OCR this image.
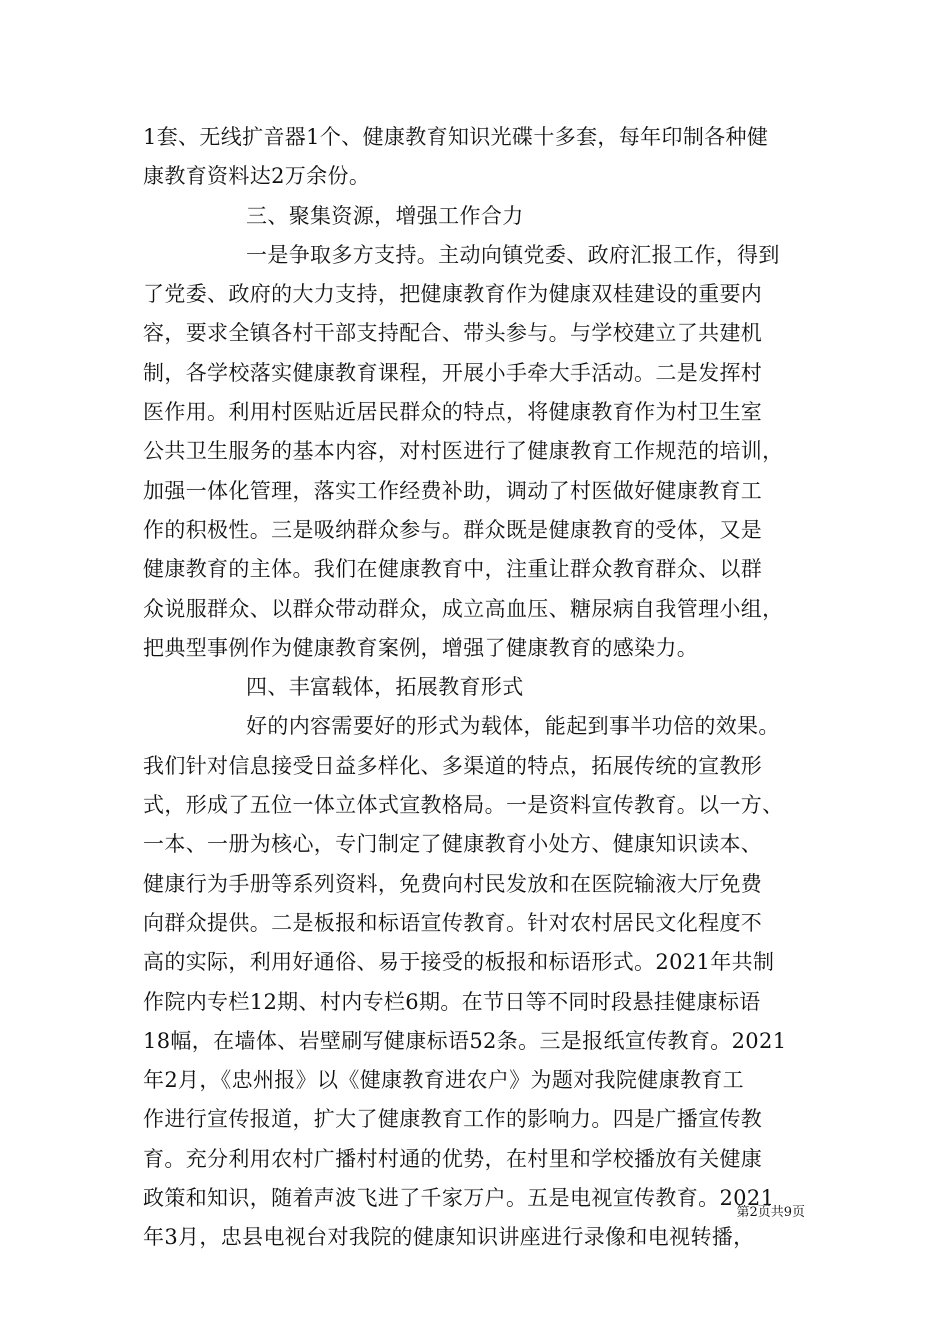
1套、无线扩音器1个、健康教育知识光碟十多套，每年印制各种健
康教育资料达2万余份。
三、聚集资源，增强工作合力
一是争取多方支持。主动向镇党委、政府汇报工作，得到
了党委、政府的大力支持，把健康教育作为健康双桂建设的重要内
容，要求全镇各村干部支持配合、带头参与。与学校建立了共建机
制，各学校落实健康教育课程，开展小手牵大手活动。二是发挥村
医作用。利用村医贴近居民群众的特点，将健康教育作为村卫生室
公共卫生服务的基本内容，对村医进行了健康教育工作规范的培训，
加强一体化管理，落实工作经费补助，调动了村医做好健康教育工
作的积极性。三是吸纳群众参与。群众既是健康教育的受体，又是
健康教育的主体。我们在健康教育中，注重让群众教育群众、以群
众说服群众、以群众带动群众，成立高血压、糖尿病自我管理小组，
把典型事例作为健康教育案例，增强了健康教育的感染力。
四、丰富载体，拓展教育形式
好的内容需要好的形式为载体，能起到事半功倍的效果。
我们针对信息接受日益多样化、多渠道的特点，拓展传统的宣教形
式，形成了五位一体立体式宣教格局。一是资料宣传教育。以一方、
一本、一册为核心，专门制定了健康教育小处方、健康知识读本、
健康行为手册等系列资料，免费向村民发放和在医院输液大厅免费
向群众提供。二是板报和标语宣传教育。针对农村居民文化程度不
高的实际，利用好通俗、易于接受的板报和标语形式。2021年共制
作院内专栏12期、村内专栏6期。在节日等不同时段悬挂健康标语
18幅，在墙体、岩壁刷写健康标语52条。三是报纸宣传教育。2021
年2月，《忠州报》以《健康教育进农户》为题对我院健康教育工
作进行宣传报道，扩大了健康教育工作的影响力。四是广播宣传教
育。充分利用农村广播村村通的优势，在村里和学校播放有关健康
政策和知识，随着声波飞进了千家万户。五是电视宣传教育。2021
年3月，忠县电视台对我院的健康知识讲座进行录像和电视转播，
第2页共9页
